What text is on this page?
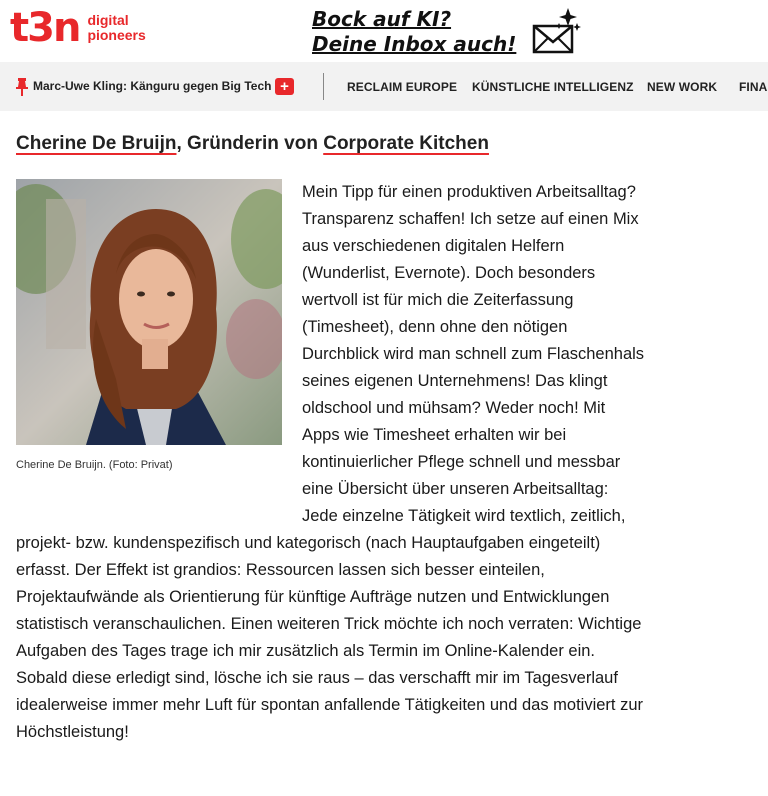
t3n digital
pioneers
Bock auf KI?
Deine Inbox auch!
Marc-Uwe Kling: Känguru gegen Big Tech +	RECLAIM EUROPE KÜNSTLICHE INTELLIGENZ NEW WORK FINA
Cherine De Bruijn, Gründerin von Corporate Kitchen
Cherine De Bruijn. (Foto: Privat)
Mein Tipp für einen produktiven Arbeitsalltag? Transparenz schaffen! Ich setze auf einen Mix aus verschiedenen digitalen Helfern (Wunderlist, Evernote). Doch besonders wertvoll ist für mich die Zeiterfassung (Timesheet), denn ohne den nötigen Durchblick wird man schnell zum Flaschenhals seines eigenen Unternehmens! Das klingt oldschool und mühsam? Weder noch! Mit Apps wie Timesheet erhalten wir bei kontinuierlicher Pflege schnell und messbar eine Übersicht über unseren Arbeitsalltag: Jede einzelne Tätigkeit wird textlich, zeitlich, projekt- bzw. kundenspezifisch und kategorisch (nach Hauptaufgaben eingeteilt) erfasst. Der Effekt ist grandios: Ressourcen lassen sich besser einteilen, Projektaufwände als Orientierung für künftige Aufträge nutzen und Entwicklungen statistisch veranschaulichen. Einen weiteren Trick möchte ich noch verraten: Wichtige Aufgaben des Tages trage ich mir zusätzlich als Termin im Online-Kalender ein. Sobald diese erledigt sind, lösche ich sie raus – das verschafft mir im Tagesverlauf idealerweise immer mehr Luft für spontan anfallende Tätigkeiten und das motiviert zur Höchstleistung!
